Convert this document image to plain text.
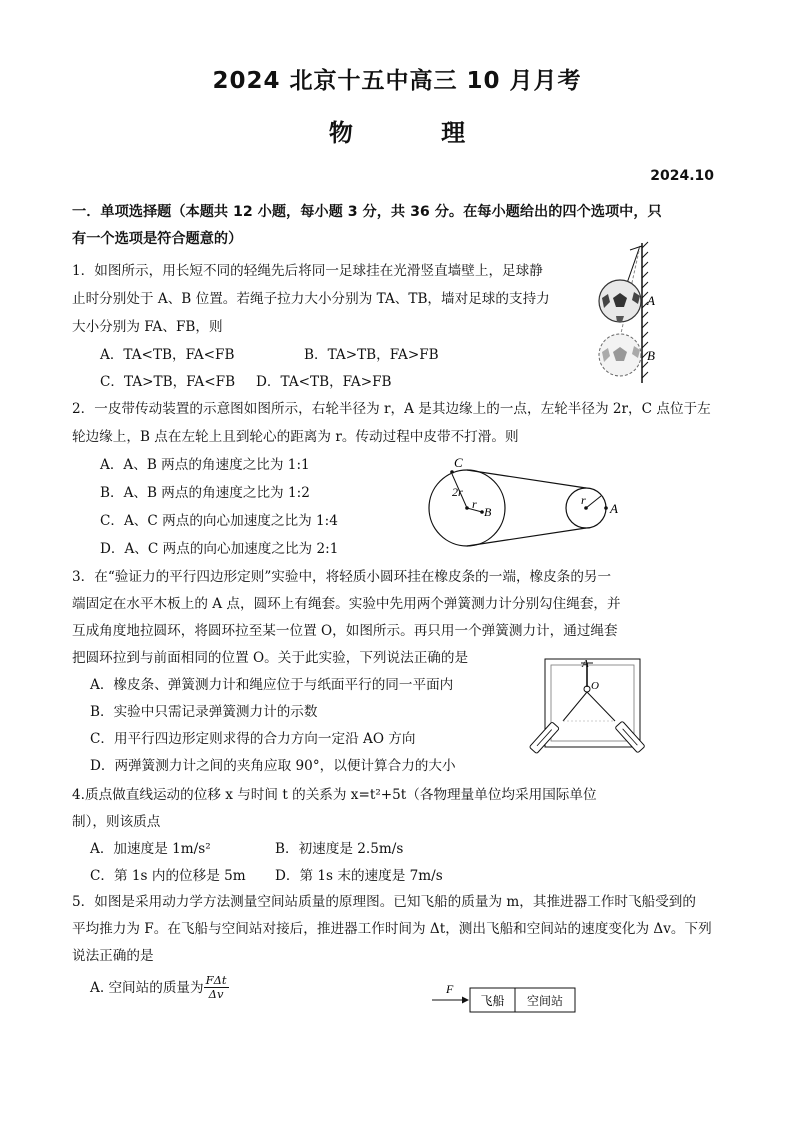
2024 北京十五中高三 10 月月考
物 理
2024.10
一．单项选择题（本题共 12 小题，每小题 3 分，共 36 分。在每小题给出的四个选项中，只
有一个选项是符合题意的）
1．如图所示，用长短不同的轻绳先后将同一足球挂在光滑竖直墙壁上，足球静
止时分别处于 A、B 位置。若绳子拉力大小分别为 TA、TB，墙对足球的支持力
大小分别为 FA、FB，则
A．TA<TB，FA<FB	B．TA>TB，FA>FB
C．TA>TB，FA<FB D．TA<TB，FA>FB
A
B
2．一皮带传动装置的示意图如图所示，右轮半径为 r，A 是其边缘上的一点，左轮半径为 2r，C 点位于左
轮边缘上，B 点在左轮上且到轮心的距离为 r。传动过程中皮带不打滑。则
A．A、B 两点的角速度之比为 1:1
B．A、B 两点的角速度之比为 1:2
C．A、C 两点的向心加速度之比为 1:4
D．A、C 两点的向心加速度之比为 2:1
C
2r
r
B
r
A
3．在“验证力的平行四边形定则”实验中，将轻质小圆环挂在橡皮条的一端，橡皮条的另一
端固定在水平木板上的 A 点，圆环上有绳套。实验中先用两个弹簧测力计分别勾住绳套，并
互成角度地拉圆环，将圆环拉至某一位置 O，如图所示。再只用一个弹簧测力计，通过绳套
把圆环拉到与前面相同的位置 O。关于此实验，下列说法正确的是
A．橡皮条、弹簧测力计和绳应位于与纸面平行的同一平面内
B．实验中只需记录弹簧测力计的示数
C．用平行四边形定则求得的合力方向一定沿 AO 方向
D．两弹簧测力计之间的夹角应取 90°，以便计算合力的大小
A
O
4.质点做直线运动的位移 x 与时间 t 的关系为 x=t²+5t（各物理量单位均采用国际单位
制），则该质点
A．加速度是 1m/s²	B．初速度是 2.5m/s
C．第 1s 内的位移是 5m D．第 1s 末的速度是 7m/s
5．如图是采用动力学方法测量空间站质量的原理图。已知飞船的质量为 m，其推进器工作时飞船受到的
平均推力为 F。在飞船与空间站对接后，推进器工作时间为 Δt，测出飞船和空间站的速度变化为 Δv。下列
说法正确的是
A. 空间站的质量为 $\frac{\text{FΔt}}{\Delta v}$	F
飞船 空间站
